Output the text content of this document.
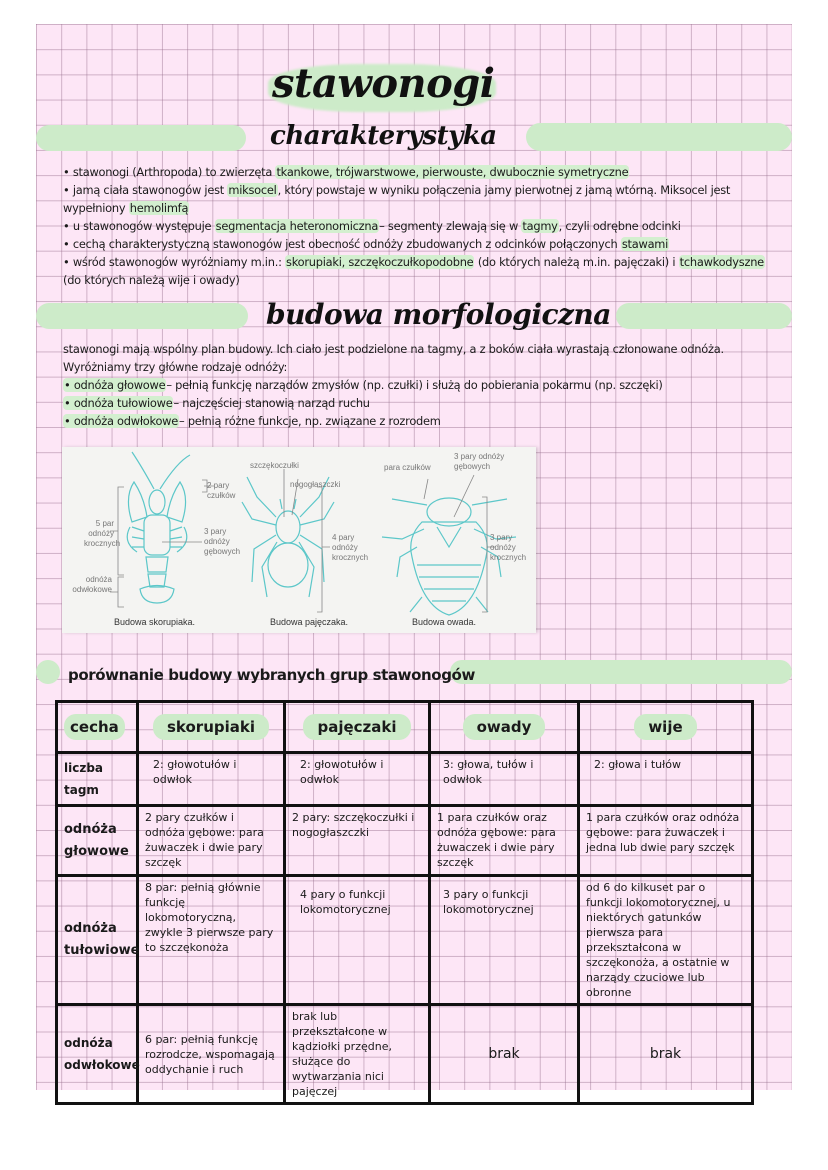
stawonogi
charakterystyka

• stawonogi (Arthropoda) to zwierzęta tkankowe, trójwarstwowe, pierwouste, dwubocznie symetryczne

• jamą ciała stawonogów jest miksocel, który powstaje w wyniku połączenia jamy pierwotnej z jamą wtórną. Miksocel jest

wypełniony hemolimfą

• u stawonogów występuje segmentacja heteronomiczna– segmenty zlewają się w tagmy, czyli odrębne odcinki

• cechą charakterystyczną stawonogów jest obecność odnóży zbudowanych z odcinków połączonych stawami

• wśród stawonogów wyróżniamy m.in.: skorupiaki, szczękoczułkopodobne (do których należą m.in. pajęczaki) i tchawkodyszne

(do których należą wije i owady)

budowa morfologiczna

stawonogi mają wspólny plan budowy. Ich ciało jest podzielone na tagmy, a z boków ciała wyrastają członowane odnóża.

Wyróżniamy trzy główne rodzaje odnóży:

• odnóża głowowe– pełnią funkcję narządów zmysłów (np. czułki) i służą do pobierania pokarmu (np. szczęki)

• odnóża tułowiowe– najczęściej stanowią narząd ruchu

• odnóża odwłokowe– pełnią różne funkcje, np. związane z rozrodem

2 pary
czułków
5 par
odnóży
krocznych
3 pary
odnóży
gębowych
odnóża
odwłokowe
Budowa skorupiaka.
szczękoczułki
nogogłaszczki
4 pary
odnóży
krocznych
Budowa pajęczaka.
para czułków
3 pary odnóży
gębowych
3 pary
odnóży
krocznych
Budowa owada.
porównanie budowy wybranych grup stawonogów
cecha	skorupiaki	pajęczaki	owady	wije
liczba tagm	2: głowotułów i odwłok	2: głowotułów i odwłok	3: głowa, tułów i odwłok	2: głowa i tułów
odnóża głowowe	2 pary czułków i odnóża gębowe: para żuwaczek i dwie pary szczęk	2 pary: szczękoczułki i nogogłaszczki	1 para czułków oraz odnóża gębowe: para żuwaczek i dwie pary szczęk	1 para czułków oraz odnóża gębowe: para żuwaczek i jedna lub dwie pary szczęk
odnóża tułowiowe	8 par: pełnią głównie funkcję lokomotoryczną, zwykle 3 pierwsze pary to szczękonoża	4 pary o funkcji lokomotorycznej	3 pary o funkcji lokomotorycznej	od 6 do kilkuset par o funkcji lokomotorycznej, u niektórych gatunków pierwsza para przekształcona w szczękonoża, a ostatnie w narządy czuciowe lub obronne
odnóża odwłokowe	6 par: pełnią funkcję rozrodcze, wspomagają oddychanie i ruch	brak lub przekształcone w kądziołki przędne, służące do wytwarzania nici pajęczej	brak	brak
